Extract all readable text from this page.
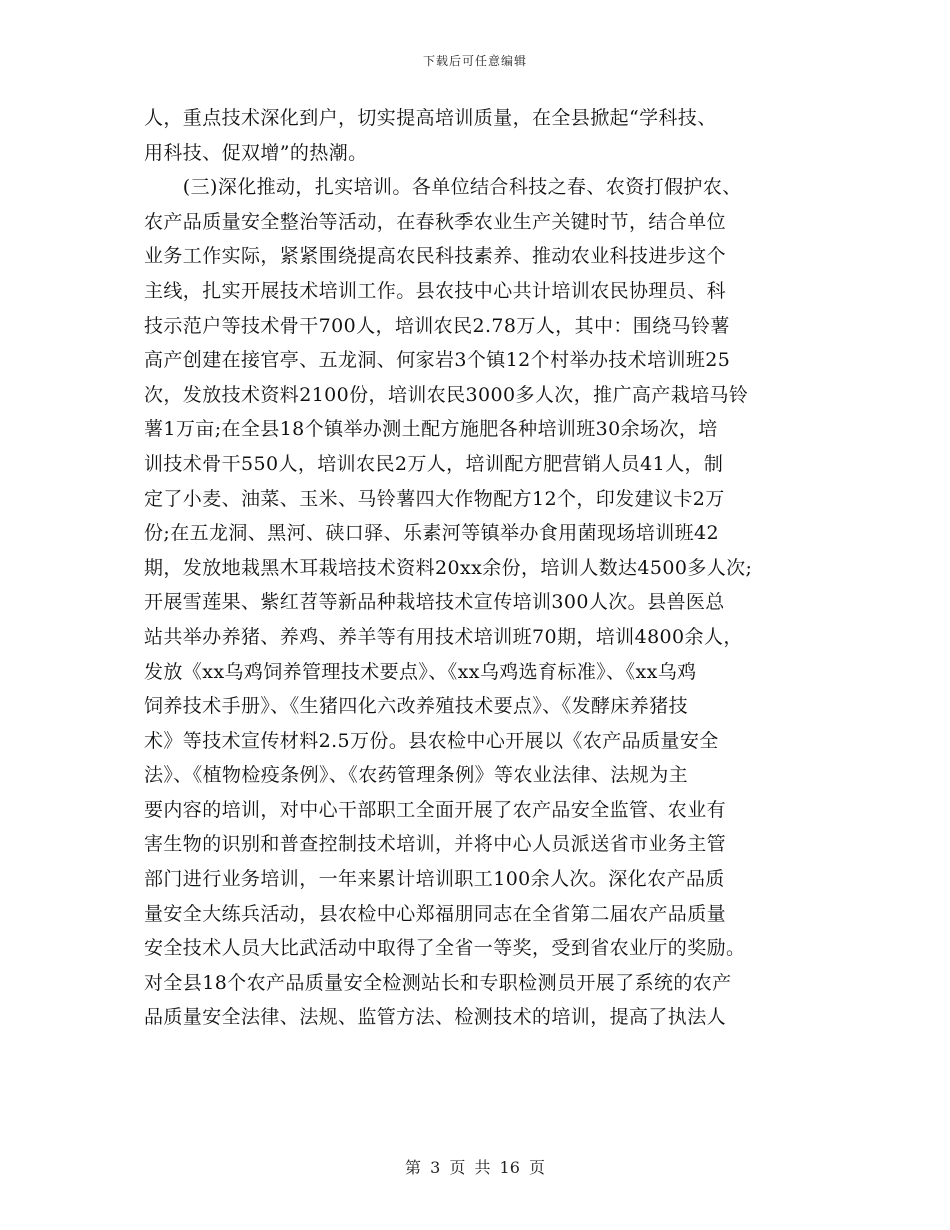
下载后可任意编辑
人，重点技术深化到户，切实提高培训质量，在全县掀起“学科技、
用科技、促双增”的热潮。
　　(三)深化推动，扎实培训。各单位结合科技之春、农资打假护农、
农产品质量安全整治等活动，在春秋季农业生产关键时节，结合单位
业务工作实际，紧紧围绕提高农民科技素养、推动农业科技进步这个
主线，扎实开展技术培训工作。县农技中心共计培训农民协理员、科
技示范户等技术骨干700人，培训农民2.78万人，其中：围绕马铃薯
高产创建在接官亭、五龙洞、何家岩3个镇12个村举办技术培训班25
次，发放技术资料2100份，培训农民3000多人次，推广高产栽培马铃
薯1万亩;在全县18个镇举办测土配方施肥各种培训班30余场次，培
训技术骨干550人，培训农民2万人，培训配方肥营销人员41人，制
定了小麦、油菜、玉米、马铃薯四大作物配方12个，印发建议卡2万
份;在五龙洞、黑河、硖口驿、乐素河等镇举办食用菌现场培训班42
期，发放地栽黑木耳栽培技术资料20xx余份，培训人数达4500多人次;
开展雪莲果、紫红苕等新品种栽培技术宣传培训300人次。县兽医总
站共举办养猪、养鸡、养羊等有用技术培训班70期，培训4800余人，
发放《xx乌鸡饲养管理技术要点》、《xx乌鸡选育标准》、《xx乌鸡
饲养技术手册》、《生猪四化六改养殖技术要点》、《发酵床养猪技
术》等技术宣传材料2.5万份。县农检中心开展以《农产品质量安全
法》、《植物检疫条例》、《农药管理条例》等农业法律、法规为主
要内容的培训，对中心干部职工全面开展了农产品安全监管、农业有
害生物的识别和普查控制技术培训，并将中心人员派送省市业务主管
部门进行业务培训，一年来累计培训职工100余人次。深化农产品质
量安全大练兵活动，县农检中心郑福朋同志在全省第二届农产品质量
安全技术人员大比武活动中取得了全省一等奖，受到省农业厅的奖励。
对全县18个农产品质量安全检测站长和专职检测员开展了系统的农产
品质量安全法律、法规、监管方法、检测技术的培训，提高了执法人
第 3 页 共 16 页
